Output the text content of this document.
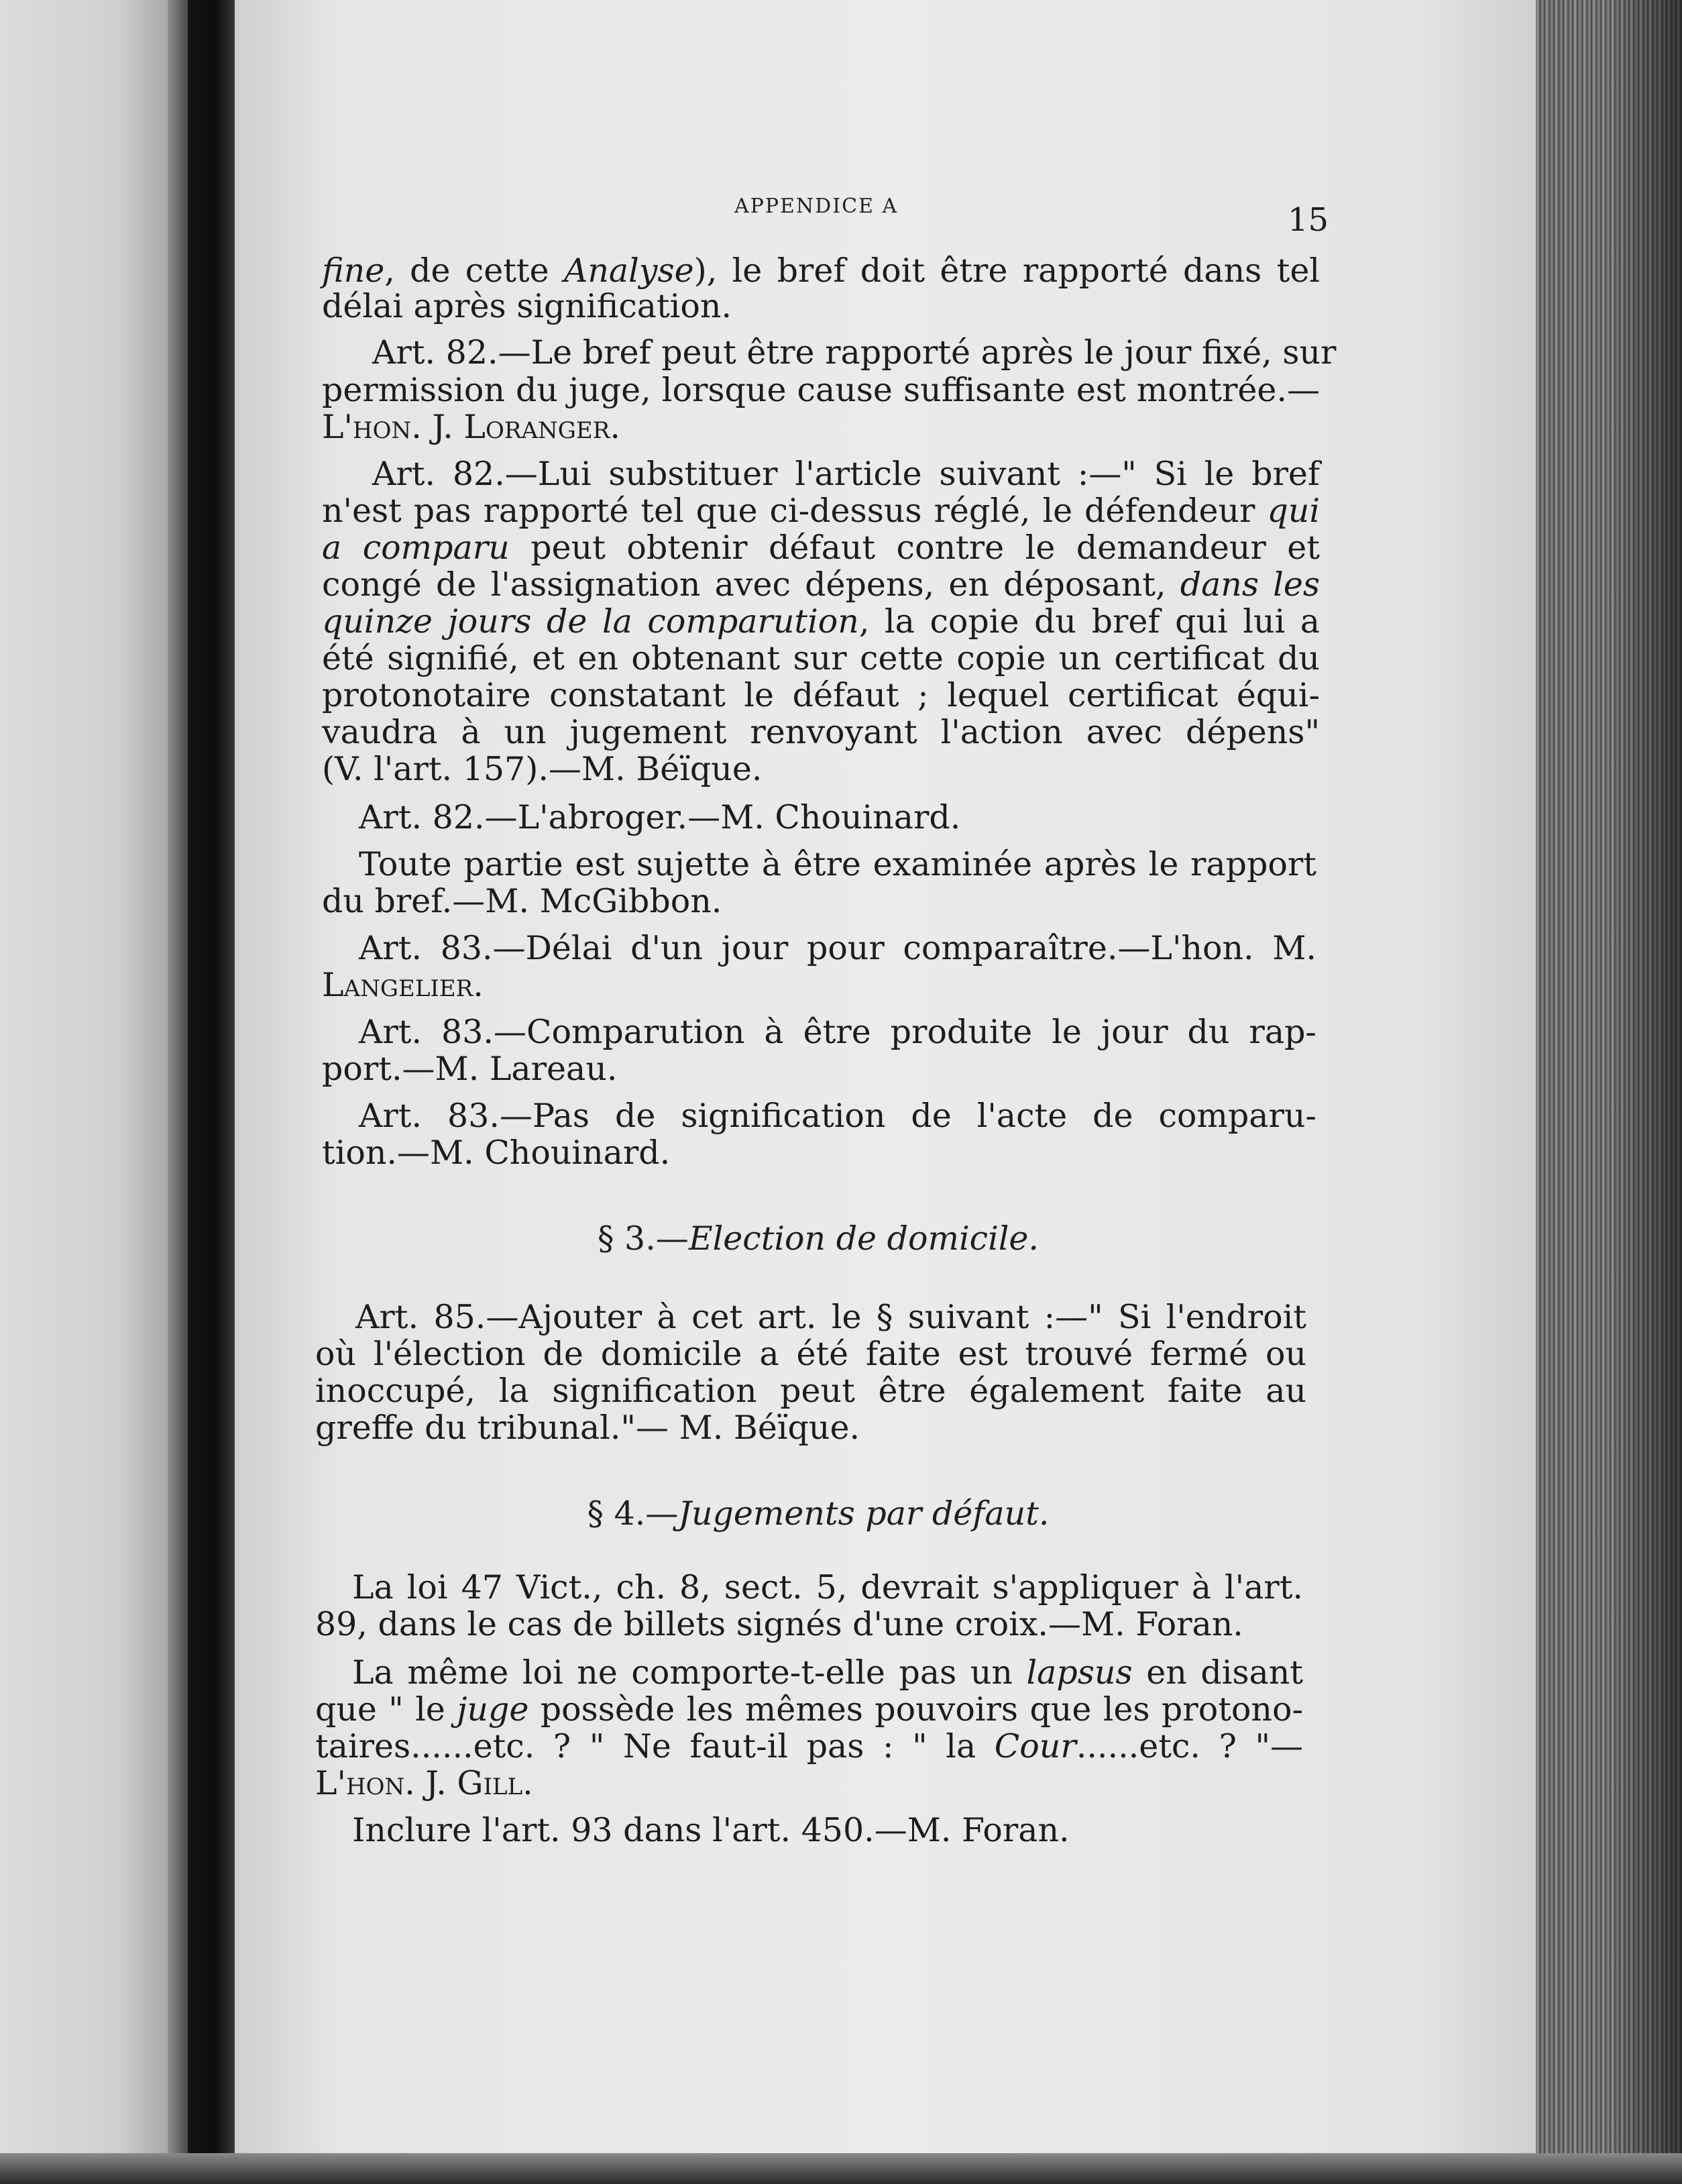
APPENDICE A	15
fine, de cette Analyse), le bref doit être rapporté dans tel
délai après signification.
Art. 82.—Le bref peut être rapporté après le jour fixé, sur
permission du juge, lorsque cause suffisante est montrée.—
L'hon. J. Loranger.
Art. 82.—Lui substituer l'article suivant :—" Si le bref
n'est pas rapporté tel que ci-dessus réglé, le défendeur qui
a comparu peut obtenir défaut contre le demandeur et
congé de l'assignation avec dépens, en déposant, dans les
quinze jours de la comparution, la copie du bref qui lui a
été signifié, et en obtenant sur cette copie un certificat du
protonotaire constatant le défaut ; lequel certificat équi-
vaudra à un jugement renvoyant l'action avec dépens"
(V. l'art. 157).—M. Béïque.
Art. 82.—L'abroger.—M. Chouinard.
Toute partie est sujette à être examinée après le rapport
du bref.—M. McGibbon.
Art. 83.—Délai d'un jour pour comparaître.—L'hon. M.
Langelier.
Art. 83.—Comparution à être produite le jour du rap-
port.—M. Lareau.
Art. 83.—Pas de signification de l'acte de comparu-
tion.—M. Chouinard.
§ 3.—Election de domicile.
Art. 85.—Ajouter à cet art. le § suivant :—" Si l'endroit
où l'élection de domicile a été faite est trouvé fermé ou
inoccupé, la signification peut être également faite au
greffe du tribunal."— M. Béïque.
§ 4.—Jugements par défaut.
La loi 47 Vict., ch. 8, sect. 5, devrait s'appliquer à l'art.
89, dans le cas de billets signés d'une croix.—M. Foran.
La même loi ne comporte-t-elle pas un lapsus en disant
que " le juge possède les mêmes pouvoirs que les protono-
taires......etc. ? " Ne faut-il pas : " la Cour......etc. ? "—
L'hon. J. Gill.
Inclure l'art. 93 dans l'art. 450.—M. Foran.
